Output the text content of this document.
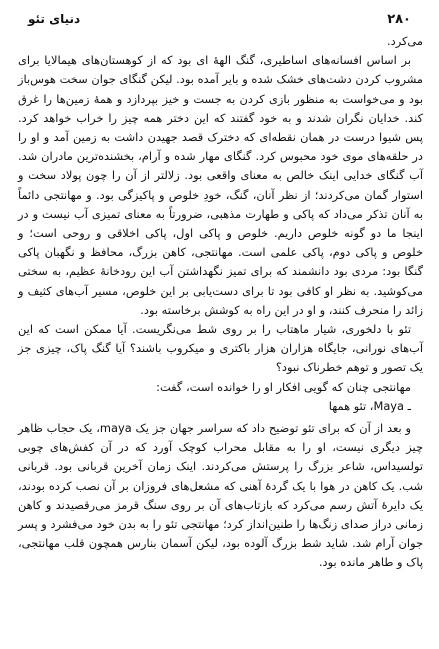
۲۸۰
دنیای تئو

می‌کرد.

بر اساس افسانه‌های اساطیری، گنگ الههٔ ای بود که از کوهستان‌های هیمالایا برای مشروب کردن دشت‌های خشک شده و بایر آمده بود. لیکن گنگای جوان سخت هوس‌باز بود و می‌خواست به منظور بازی کردن به جست و خیز بپردازد و همهٔ زمین‌ها را غرق کند. خدایان نگران شدند و به خود گفتند که این دختر همه چیز را خراب خواهد کرد. پس شیوا درست در همان نقطه‌ای که دخترک قصد جهیدن داشت به زمین آمد و او را در حلقه‌های موی خود محبوس کرد. گنگای مهار شده و آرام، بخشنده‌ترین مادران شد. آب گنگای خدایی اینک خالص به معنای واقعی بود. زلالتر از آن را چون پولاد سخت و استوار گمان می‌کردند؛ از نظر آنان، گنگ، خودِ خلوص و پاکیزگی بود. و مهانتجی دائماً به آنان تذکر می‌داد که پاکی و طهارت مذهبی، ضرورتاً به معنای تمیزی آب نیست و در اینجا ما دو گونه خلوص داریم. خلوص و پاکی اول، پاکی اخلاقی و روحی است؛ و خلوص و پاکی دوم، پاکی علمی است. مهانتجی، کاهن بزرگ، محافظ و نگهبان پاکی گنگا بود: مردی بود دانشمند که برای تمیز نگهداشتن آب این رودخانهٔ عظیم، به سختی می‌کوشید. به نظر او کافی بود تا برای دست‌یابی بر این خلوص، مسیر آب‌های کثیف و زائد را منحرف کنند، و او در این راه به کوشش برخاسته بود.

تئو با دلخوری، شیار ماهتاب را بر روی شط می‌نگریست. آیا ممکن است که این آب‌های نورانی، جایگاه هزاران هزار باکتری و میکروب باشند؟ آیا گنگ پاک، چیزی جز یک تصور و توهم خطرناک نبود؟

مهانتجی چنان که گویی افکار او را خوانده است، گفت:

ـ Maya، تئو همها

و بعد از آن که برای تئو توضیح داد که سراسر جهان جز یک maya، یک حجاب ظاهر چیز دیگری نیست، او را به مقابل محراب کوچک آورد که در آن کفش‌های چوبی تولسیداس، شاعر بزرگ را پرستش می‌کردند. اینک زمان آخرین قربانی بود. قربانی شب. یک کاهن در هوا با یک گردهٔ آهنی که مشعل‌های فروزان بر آن نصب کرده بودند، یک دایرهٔ آتش رسم می‌کرد که بازتاب‌های آن بر روی سنگ قرمز می‌رقصیدند و کاهن زمانی دراز صدای زنگ‌ها را طنین‌انداز کرد؛ مهانتجی تئو را به بدن خود می‌فشرد و پسر جوان آرام شد. شاید شط بزرگ آلوده بود، لیکن آسمان بنارس همچون قلب مهانتجی، پاک و طاهر مانده بود.
